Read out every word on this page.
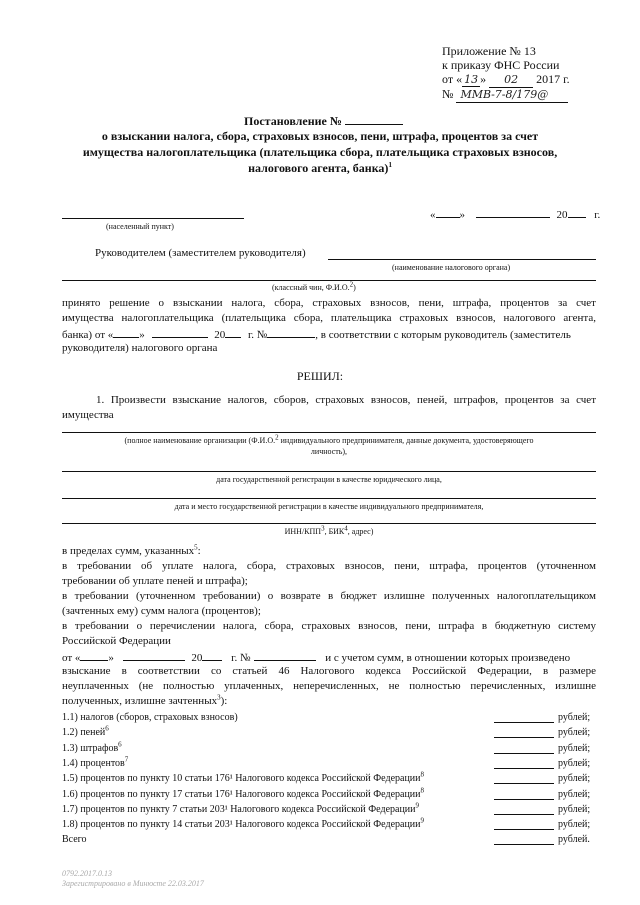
Приложение № 13
к приказу ФНС России
от « 13 » 02 2017 г.
№ ММВ-7-8/179@
Постановление №
о взыскании налога, сбора, страховых взносов, пени, штрафа, процентов за счет
имущества налогоплательщика (плательщика сбора, плательщика страховых взносов,
налогового агента, банка)$^1$
(населенный пункт)
« »	20 г.
Руководителем (заместителем руководителя)
(наименование налогового органа)
(классный чин, Ф.И.О.$^2$)
принято решение о взыскании налога, сбора, страховых взносов, пени, штрафа, процентов за счет
имущества налогоплательщика (плательщика сбора, плательщика страховых взносов, налогового агента,
банка) от « »	20 г. №	, в соответствии с которым руководитель (заместитель
руководителя) налогового органа
РЕШИЛ:
1. Произвести взыскание налогов, сборов, страховых взносов, пеней, штрафов, процентов за счет
имущества
(полное наименование организации (Ф.И.О.$^2$ индивидуального предпринимателя, данные документа, удостоверяющего
личность),
дата государственной регистрации в качестве юридического лица,
дата и место государственной регистрации в качестве индивидуального предпринимателя,
ИНН/КПП$^3$, БИК$^4$, адрес)
в пределах сумм, указанных$^5$:
в требовании об уплате налога, сбора, страховых взносов, пени, штрафа, процентов (уточненном
требовании об уплате пеней и штрафа);
в требовании (уточненном требовании) о возврате в бюджет излишне полученных налогоплательщиком
(зачтенных ему) сумм налога (процентов);
в требовании о перечислении налога, сбора, страховых взносов, пени, штрафа в бюджетную систему
Российской Федерации
от «	»	20	г. №	и с учетом сумм, в отношении которых произведено
взыскание в соответствии со статьей 46 Налогового кодекса Российской Федерации, в размере
неуплаченных (не полностью уплаченных, неперечисленных, не полностью перечисленных, излишне
полученных, излишне зачтенных$^3$):
1.1) налогов (сборов, страховых взносов)	рублей;
1.2) пеней$^6$	рублей;
1.3) штрафов$^6$	рублей;
1.4) процентов$^7$	рублей;
1.5) процентов по пункту 10 статьи 176¹ Налогового кодекса Российской Федерации$^8$	рублей;
1.6) процентов по пункту 17 статьи 176¹ Налогового кодекса Российской Федерации$^8$	рублей;
1.7) процентов по пункту 7 статьи 203¹ Налогового кодекса Российской Федерации$^9$	рублей;
1.8) процентов по пункту 14 статьи 203¹ Налогового кодекса Российской Федерации$^9$	рублей;
Всего	рублей.
0792.2017.0.13
Зарегистрировано в Минюсте 22.03.2017
